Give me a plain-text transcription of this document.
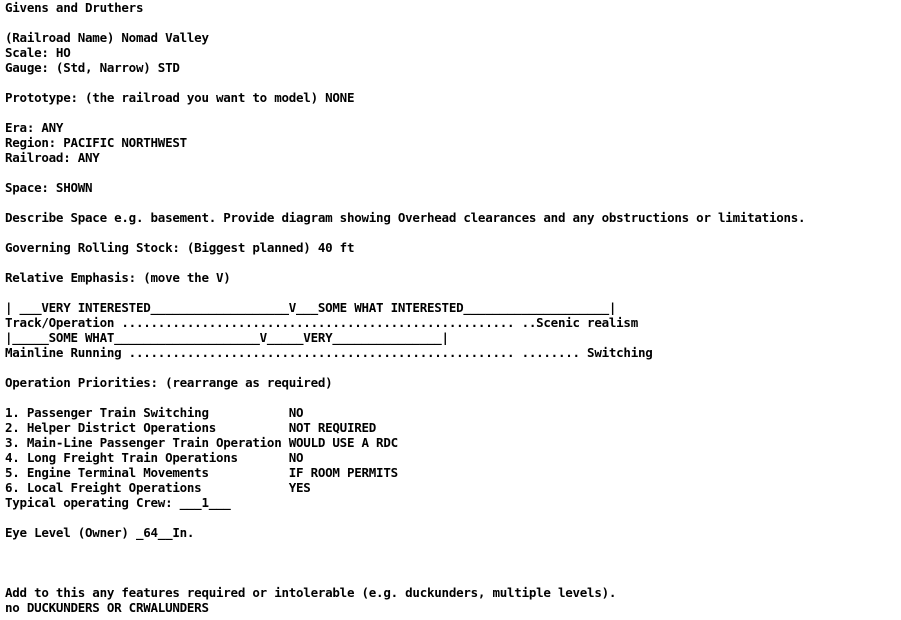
Givens and Druthers
(Railroad Name) Nomad Valley
Scale: HO
Gauge: (Std, Narrow) STD
Prototype: (the railroad you want to model) NONE
Era: ANY
Region: PACIFIC NORTHWEST
Railroad: ANY
Space: SHOWN
Describe Space e.g. basement. Provide diagram showing Overhead clearances and any obstructions or limitations.
Governing Rolling Stock: (Biggest planned) 40 ft
Relative Emphasis: (move the V)
| ___VERY INTERESTED___________________V___SOME WHAT INTERESTED____________________|
Track/Operation ...................................................... ..Scenic realism
|_____SOME WHAT____________________V_____VERY_______________|
Mainline Running ..................................................... ........ Switching
Operation Priorities: (rearrange as required)
1. Passenger Train Switching           NO
2. Helper District Operations          NOT REQUIRED
3. Main-Line Passenger Train Operation WOULD USE A RDC
4. Long Freight Train Operations       NO
5. Engine Terminal Movements           IF ROOM PERMITS
6. Local Freight Operations            YES
Typical operating Crew: ___1___
Eye Level (Owner) _64__In.
Add to this any features required or intolerable (e.g. duckunders, multiple levels).
no DUCKUNDERS OR CRWALUNDERS
